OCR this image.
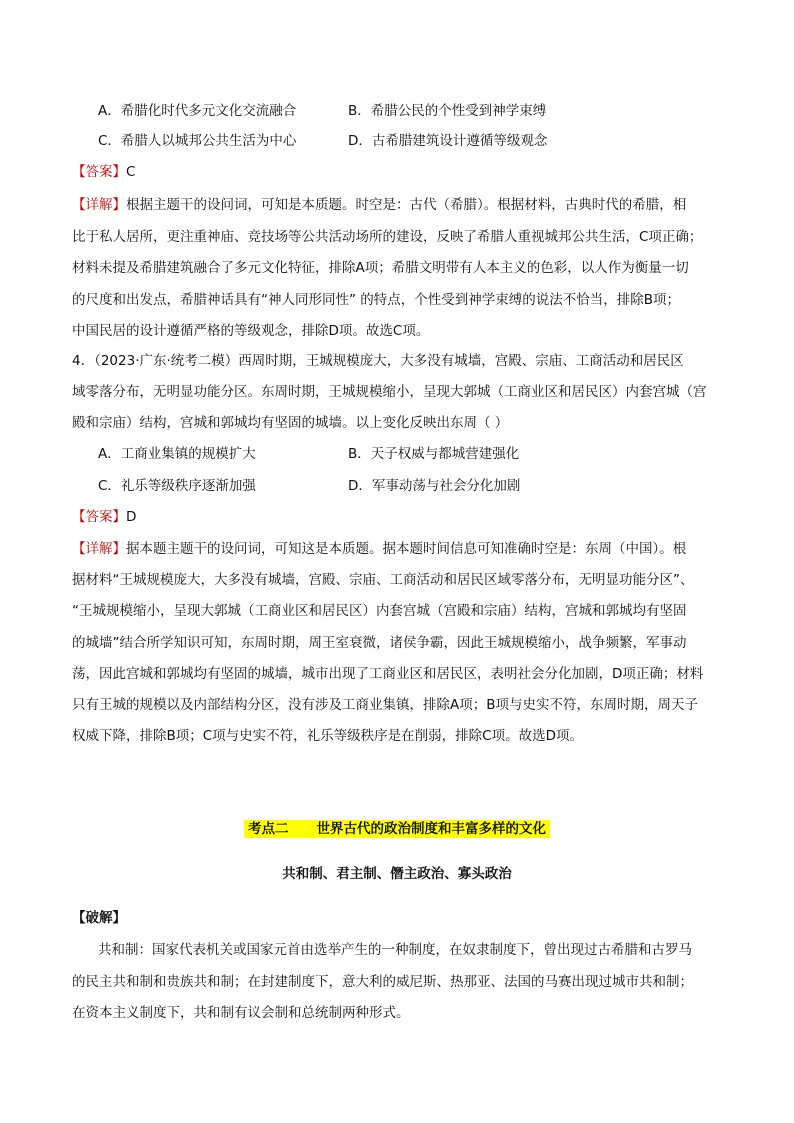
A．希腊化时代多元文化交流融合	B．希腊公民的个性受到神学束缚
C．希腊人以城邦公共生活为中心	D．古希腊建筑设计遵循等级观念
【答案】C
【详解】根据主题干的设问词，可知是本质题。时空是：古代（希腊）。根据材料，古典时代的希腊，相
比于私人居所，更注重神庙、竞技场等公共活动场所的建设，反映了希腊人重视城邦公共生活，C项正确；
材料未提及希腊建筑融合了多元文化特征，排除A项；希腊文明带有人本主义的色彩，以人作为衡量一切
的尺度和出发点，希腊神话具有“神人同形同性” 的特点，个性受到神学束缚的说法不恰当，排除B项；
中国民居的设计遵循严格的等级观念，排除D项。故选C项。
4．（2023·广东·统考二模）西周时期，王城规模庞大，大多没有城墙，宫殿、宗庙、工商活动和居民区
域零落分布，无明显功能分区。东周时期，王城规模缩小，呈现大郭城（工商业区和居民区）内套宫城（宫
殿和宗庙）结构，宫城和郭城均有坚固的城墙。以上变化反映出东周（ ）
A．工商业集镇的规模扩大	B．天子权威与都城营建强化
C．礼乐等级秩序逐渐加强	D．军事动荡与社会分化加剧
【答案】D
【详解】据本题主题干的设问词，可知这是本质题。据本题时间信息可知准确时空是：东周（中国）。根
据材料“王城规模庞大，大多没有城墙，宫殿、宗庙、工商活动和居民区域零落分布，无明显功能分区”、
“王城规模缩小，呈现大郭城（工商业区和居民区）内套宫城（宫殿和宗庙）结构，宫城和郭城均有坚固
的城墙”结合所学知识可知，东周时期，周王室衰微，诸侯争霸，因此王城规模缩小，战争频繁，军事动
荡，因此宫城和郭城均有坚固的城墙，城市出现了工商业区和居民区，表明社会分化加剧，D项正确；材料
只有王城的规模以及内部结构分区，没有涉及工商业集镇，排除A项；B项与史实不符，东周时期，周天子
权威下降，排除B项；C项与史实不符，礼乐等级秩序是在削弱，排除C项。故选D项。
考点二 世界古代的政治制度和丰富多样的文化
共和制、君主制、僭主政治、寡头政治
【破解】
共和制：国家代表机关或国家元首由选举产生的一种制度，在奴隶制度下，曾出现过古希腊和古罗马
的民主共和制和贵族共和制；在封建制度下，意大利的威尼斯、热那亚、法国的马赛出现过城市共和制；
在资本主义制度下，共和制有议会制和总统制两种形式。
